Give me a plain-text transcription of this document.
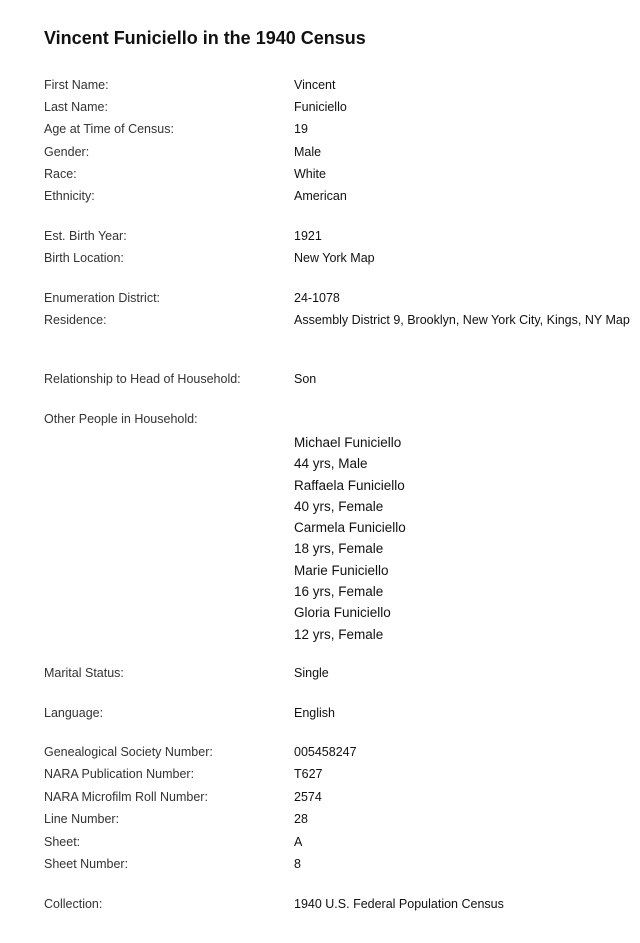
Vincent Funiciello in the 1940 Census
First Name:	Vincent
Last Name:	Funiciello
Age at Time of Census:	19
Gender:	Male
Race:	White
Ethnicity:	American
Est. Birth Year:	1921
Birth Location:	New York Map
Enumeration District:	24-1078
Residence:	Assembly District 9, Brooklyn, New York City, Kings, NY Map
Relationship to Head of Household:	Son
Other People in Household:
Michael Funiciello
44 yrs, Male
Raffaela Funiciello
40 yrs, Female
Carmela Funiciello
18 yrs, Female
Marie Funiciello
16 yrs, Female
Gloria Funiciello
12 yrs, Female
Marital Status:	Single
Language:	English
Genealogical Society Number:	005458247
NARA Publication Number:	T627
NARA Microfilm Roll Number:	2574
Line Number:	28
Sheet:	A
Sheet Number:	8
Collection:	1940 U.S. Federal Population Census
